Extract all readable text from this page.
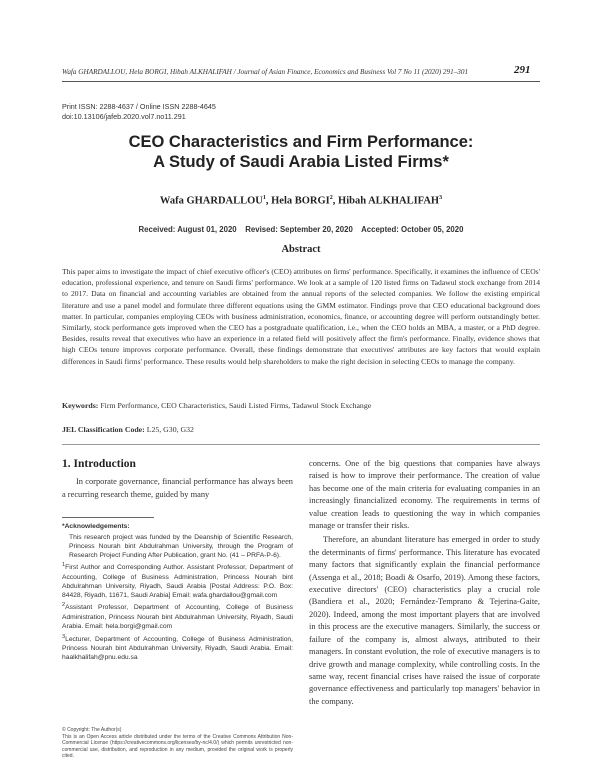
Wafa GHARDALLOU, Hela BORGI, Hibah ALKHALIFAH / Journal of Asian Finance, Economics and Business Vol 7 No 11 (2020) 291–301	291
Print ISSN: 2288-4637 / Online ISSN 2288-4645
doi:10.13106/jafeb.2020.vol7.no11.291
CEO Characteristics and Firm Performance:
A Study of Saudi Arabia Listed Firms*
Wafa GHARDALLOU$^1$, Hela BORGI$^2$, Hibah ALKHALIFAH$^3$
Received: August 01, 2020 Revised: September 20, 2020 Accepted: October 05, 2020
Abstract
This paper aims to investigate the impact of chief executive officer's (CEO) attributes on firms' performance. Specifically, it examines the influence of CEOs' education, professional experience, and tenure on Saudi firms' performance. We look at a sample of 120 listed firms on Tadawul stock exchange from 2014 to 2017. Data on financial and accounting variables are obtained from the annual reports of the selected companies. We follow the existing empirical literature and use a panel model and formulate three different equations using the GMM estimator. Findings prove that CEO educational background does matter. In particular, companies employing CEOs with business administration, economics, finance, or accounting degree will perform outstandingly better. Similarly, stock performance gets improved when the CEO has a postgraduate qualification, i.e., when the CEO holds an MBA, a master, or a PhD degree. Besides, results reveal that executives who have an experience in a related field will positively affect the firm's performance. Finally, evidence shows that high CEOs tenure improves corporate performance. Overall, these findings demonstrate that executives' attributes are key factors that would explain differences in Saudi firms' performance. These results would help shareholders to make the right decision in selecting CEOs to manage the company.
Keywords: Firm Performance, CEO Characteristics, Saudi Listed Firms, Tadawul Stock Exchange
JEL Classification Code: L25, G30, G32
1. Introduction
In corporate governance, financial performance has always been a recurring research theme, guided by many

concerns. One of the big questions that companies have always raised is how to improve their performance. The creation of value has become one of the main criteria for evaluating companies in an increasingly financialized economy. The requirements in terms of value creation leads to questioning the way in which companies manage or transfer their risks.

Therefore, an abundant literature has emerged in order to study the determinants of firms' performance. This literature has evocated many factors that significantly explain the financial performance (Assenga et al., 2018; Boadi & Osarfo, 2019). Among these factors, executive directors' (CEO) characteristics play a crucial role (Bandiera et al., 2020; Fernández-Temprano & Tejerina-Gaite, 2020). Indeed, among the most important players that are involved in this process are the executive managers. Similarly, the success or failure of the company is, almost always, attributed to their managers. In constant evolution, the role of executive managers is to drive growth and manage complexity, while controlling costs. In the same way, recent financial crises have raised the issue of corporate governance effectiveness and particularly top managers' behavior in the company.

*Acknowledgements:

This research project was funded by the Deanship of Scientific Research, Princess Nourah bint Abdulrahman University, through the Program of Research Project Funding After Publication, grant No. (41 – PRFA-P-6).

$^1$First Author and Corresponding Author. Assistant Professor, Department of Accounting, College of Business Administration, Princess Nourah bint Abdulrahman University, Riyadh, Saudi Arabia [Postal Address: P.O. Box: 84428, Riyadh, 11671, Saudi Arabia] Email: wafa.ghardallou@gmail.com

$^2$Assistant Professor, Department of Accounting, College of Business Administration, Princess Nourah bint Abdulrahman University, Riyadh, Saudi Arabia. Email: hela.borgi@gmail.com

$^3$Lecturer, Department of Accounting, College of Business Administration, Princess Nourah bint Abdulrahman University, Riyadh, Saudi Arabia. Email: haalkhalifah@pnu.edu.sa

© Copyright: The Author(s)
This is an Open Access article distributed under the terms of the Creative Commons Attribution Non-Commercial License (https://creativecommons.org/licenses/by-nc/4.0/) which permits unrestricted non-commercial use, distribution, and reproduction in any medium, provided the original work is properly cited.
